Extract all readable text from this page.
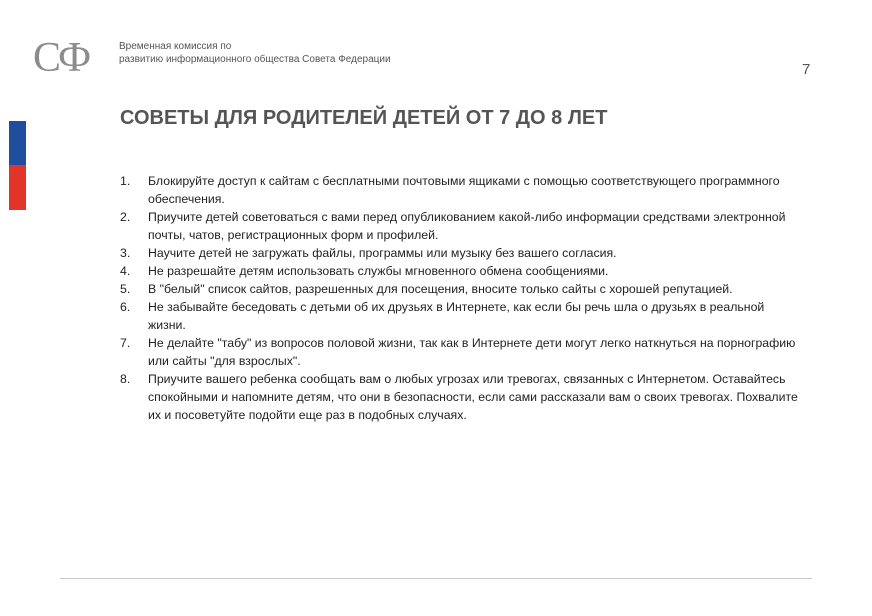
СФ	Временная комиссия по
развитию информационного общества Совета Федерации
7
СОВЕТЫ ДЛЯ РОДИТЕЛЕЙ ДЕТЕЙ ОТ 7 ДО 8 ЛЕТ
1. Блокируйте доступ к сайтам с бесплатными почтовыми ящиками с помощью соответствующего программного обеспечения.
2. Приучите детей советоваться с вами перед опубликованием какой-либо информации средствами электронной почты, чатов, регистрационных форм и профилей.
3. Научите детей не загружать файлы, программы или музыку без вашего согласия.
4. Не разрешайте детям использовать службы мгновенного обмена сообщениями.
5. В "белый" список сайтов, разрешенных для посещения, вносите только сайты с хорошей репутацией.
6. Не забывайте беседовать с детьми об их друзьях в Интернете, как если бы речь шла о друзьях в реальной жизни.
7. Не делайте "табу" из вопросов половой жизни, так как в Интернете дети могут легко наткнуться на порнографию или сайты "для взрослых".
8. Приучите вашего ребенка сообщать вам о любых угрозах или тревогах, связанных с Интернетом. Оставайтесь спокойными и напомните детям, что они в безопасности, если сами рассказали вам о своих тревогах. Похвалите их и посоветуйте подойти еще раз в подобных случаях.
